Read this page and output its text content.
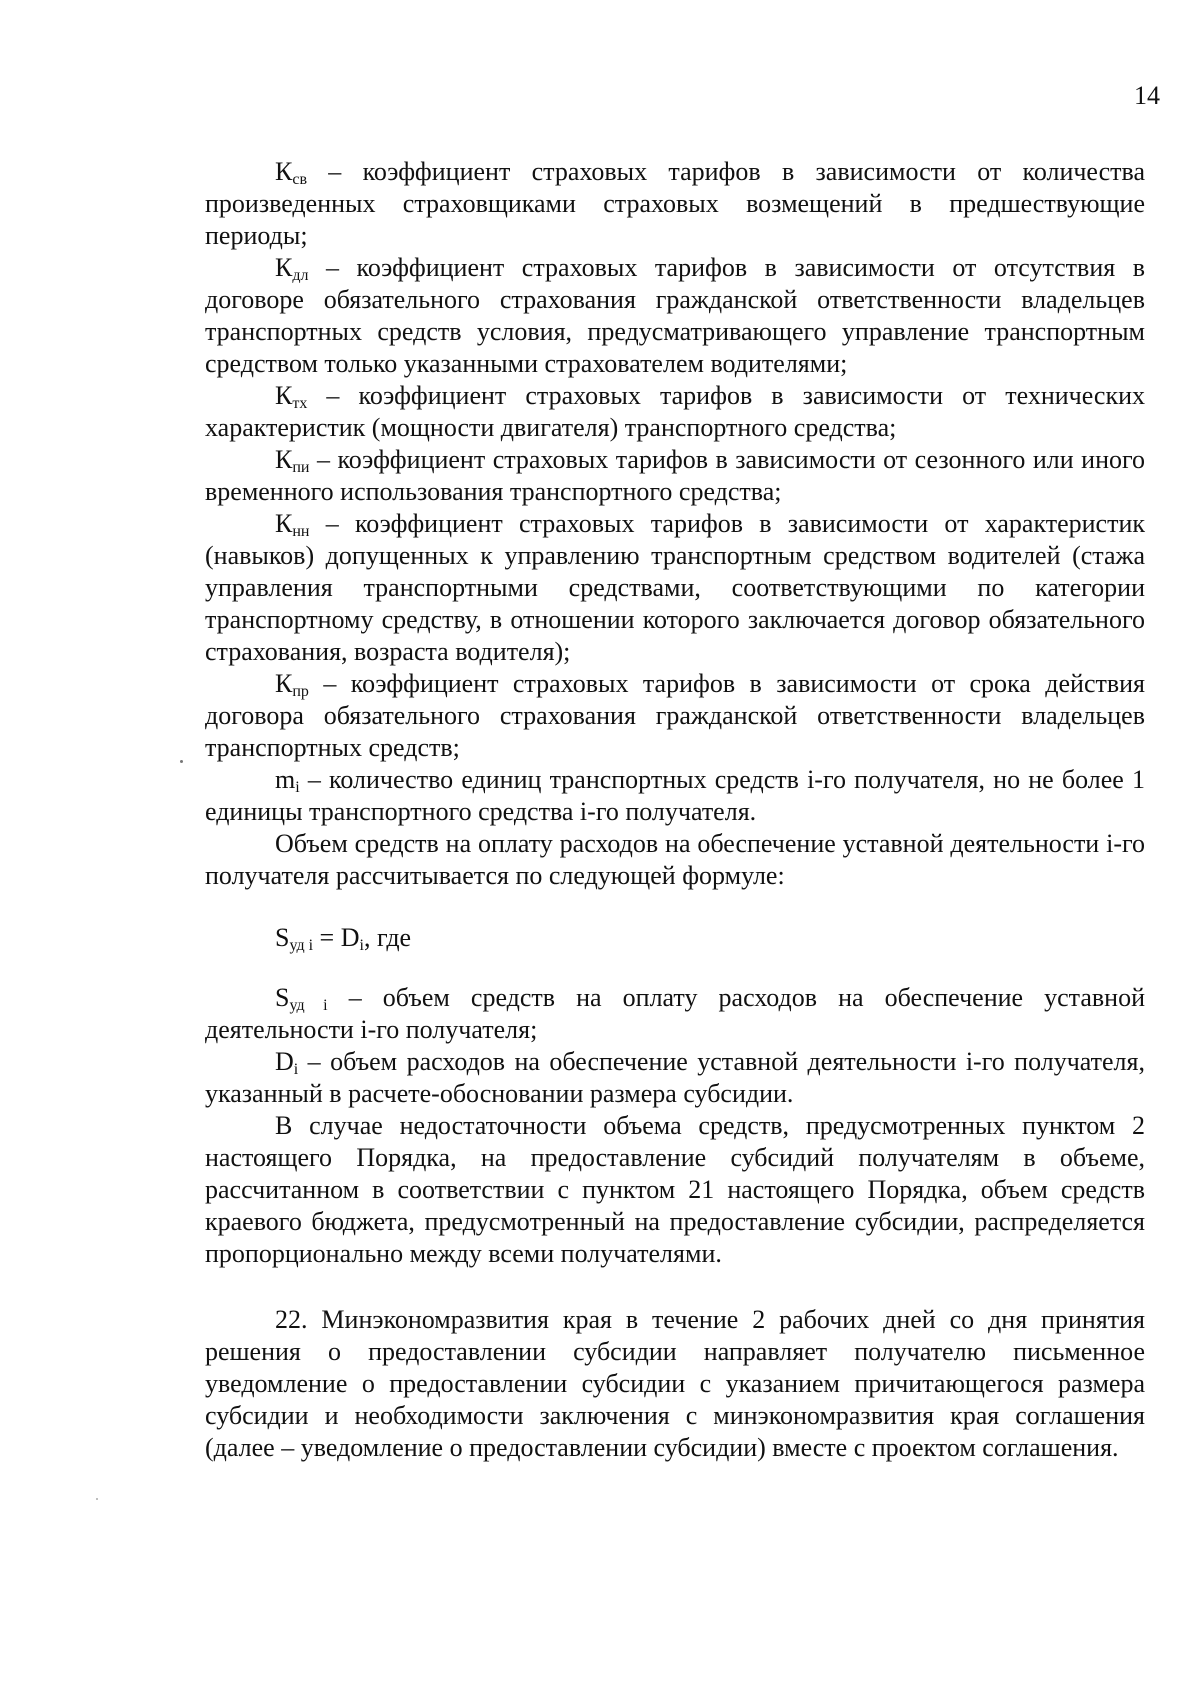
14

$К_{св}$ – коэффициент страховых тарифов в зависимости от количества произведенных страховщиками страховых возмещений в предшествующие периоды;

$К_{дл}$ – коэффициент страховых тарифов в зависимости от отсутствия в договоре обязательного страхования гражданской ответственности владельцев транспортных средств условия, предусматривающего управление транспортным средством только указанными страхователем водителями;

$К_{тх}$ – коэффициент страховых тарифов в зависимости от технических характеристик (мощности двигателя) транспортного средства;

$К_{пи}$ – коэффициент страховых тарифов в зависимости от сезонного или иного временного использования транспортного средства;

$К_{нн}$ – коэффициент страховых тарифов в зависимости от характеристик (навыков) допущенных к управлению транспортным средством водителей (стажа управления транспортными средствами, соответствующими по категории транспортному средству, в отношении которого заключается договор обязательного страхования, возраста водителя);

$К_{пр}$ – коэффициент страховых тарифов в зависимости от срока действия договора обязательного страхования гражданской ответственности владельцев транспортных средств;

$m_i$ – количество единиц транспортных средств i-го получателя, но не более 1 единицы транспортного средства i-го получателя.

Объем средств на оплату расходов на обеспечение уставной деятельности i-го получателя рассчитывается по следующей формуле:

$S_{уд i} = D_i$, где

$S_{уд i}$ – объем средств на оплату расходов на обеспечение уставной деятельности i-го получателя;

$D_i$ – объем расходов на обеспечение уставной деятельности i-го получателя, указанный в расчете-обосновании размера субсидии.

В случае недостаточности объема средств, предусмотренных пунктом 2 настоящего Порядка, на предоставление субсидий получателям в объеме, рассчитанном в соответствии с пунктом 21 настоящего Порядка, объем средств краевого бюджета, предусмотренный на предоставление субсидии, распределяется пропорционально между всеми получателями.

22. Минэкономразвития края в течение 2 рабочих дней со дня принятия решения о предоставлении субсидии направляет получателю письменное уведомление о предоставлении субсидии с указанием причитающегося размера субсидии и необходимости заключения с минэкономразвития края соглашения (далее – уведомление о предоставлении субсидии) вместе с проектом соглашения.
